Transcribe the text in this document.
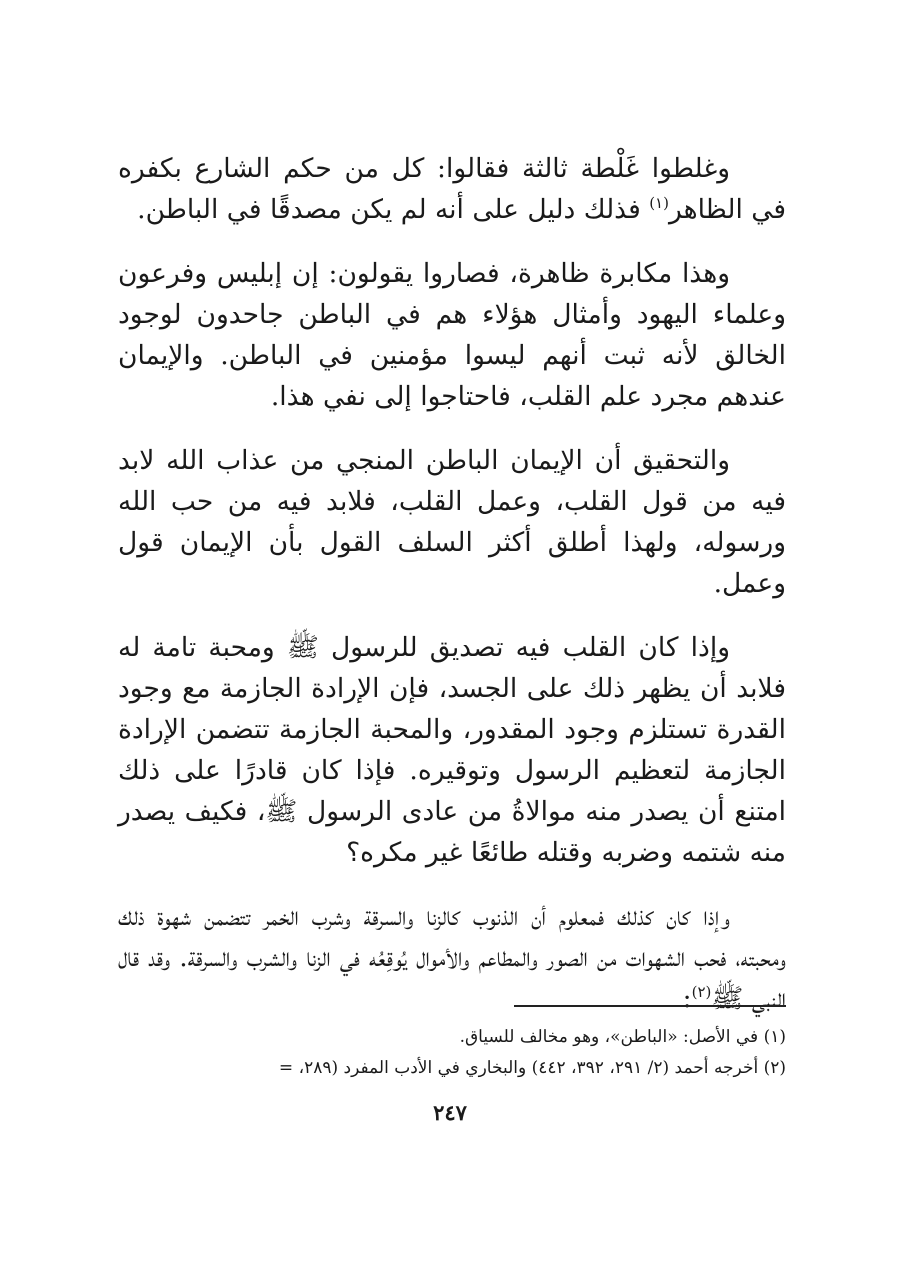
وغلطوا غَلْطة ثالثة فقالوا: كل من حكم الشارع بكفره في الظاهر$^{(١)}$ فذلك دليل على أنه لم يكن مصدقًا في الباطن.

وهذا مكابرة ظاهرة، فصاروا يقولون: إن إبليس وفرعون وعلماء اليهود وأمثال هؤلاء هم في الباطن جاحدون لوجود الخالق لأنه ثبت أنهم ليسوا مؤمنين في الباطن. والإيمان عندهم مجرد علم القلب، فاحتاجوا إلى نفي هذا.

والتحقيق أن الإيمان الباطن المنجي من عذاب الله لابد فيه من قول القلب، وعمل القلب، فلابد فيه من حب الله ورسوله، ولهذا أطلق أكثر السلف القول بأن الإيمان قول وعمل.

وإذا كان القلب فيه تصديق للرسول ﷺ ومحبة تامة له فلابد أن يظهر ذلك على الجسد، فإن الإرادة الجازمة مع وجود القدرة تستلزم وجود المقدور، والمحبة الجازمة تتضمن الإرادة الجازمة لتعظيم الرسول وتوقيره. فإذا كان قادرًا على ذلك امتنع أن يصدر منه موالاةُ من عادى الرسول ﷺ، فكيف يصدر منه شتمه وضربه وقتله طائعًا غير مكره؟

وإذا كان كذلك فمعلوم أن الذنوب كالزنا والسرقة وشرب الخمر تتضمن شهوة ذلك ومحبته، فحب الشهوات من الصور والمطاعم والأموال يُوقِعُه في الزنا والشرب والسرقة. وقد قال النبي ﷺ$^{(٢)}$:

(١) في الأصل: «الباطن»، وهو مخالف للسياق.
(٢) أخرجه أحمد (٢/ ٢٩١، ٣٩٢، ٤٤٢) والبخاري في الأدب المفرد (٢٨٩، =
٢٤٧
